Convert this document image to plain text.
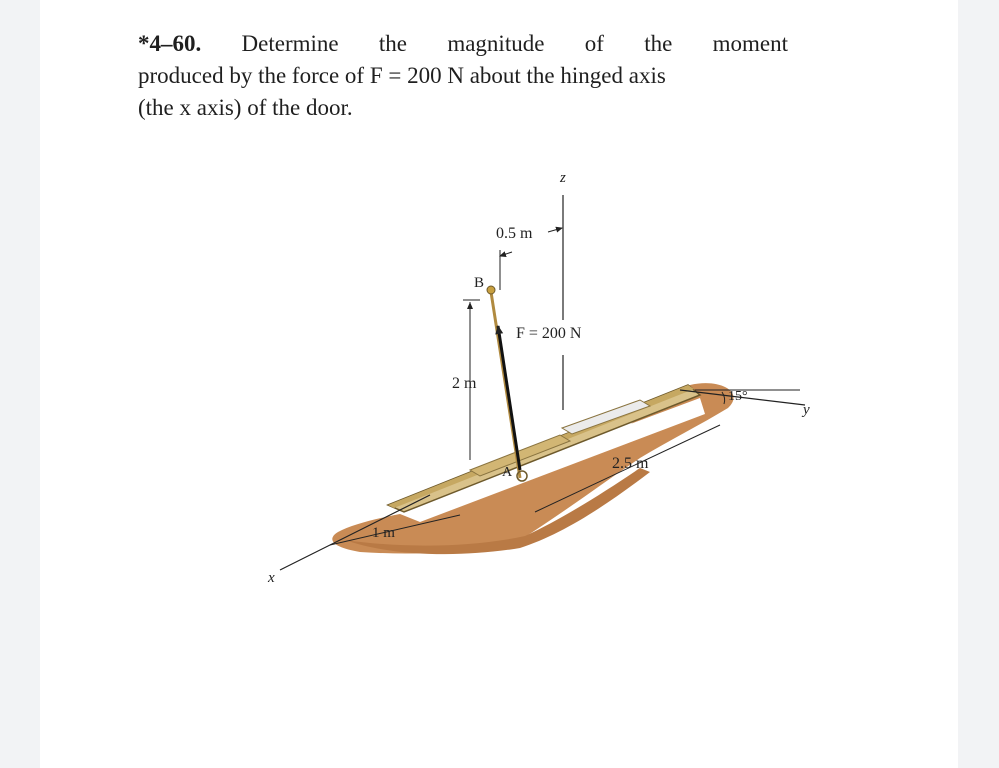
*4–60. Determine the magnitude of the moment
produced by the force of F = 200 N about the hinged axis
(the x axis) of the door.
z
0.5 m
B
F = 200 N
2 m
15°
y
2.5 m
A
1 m
x
